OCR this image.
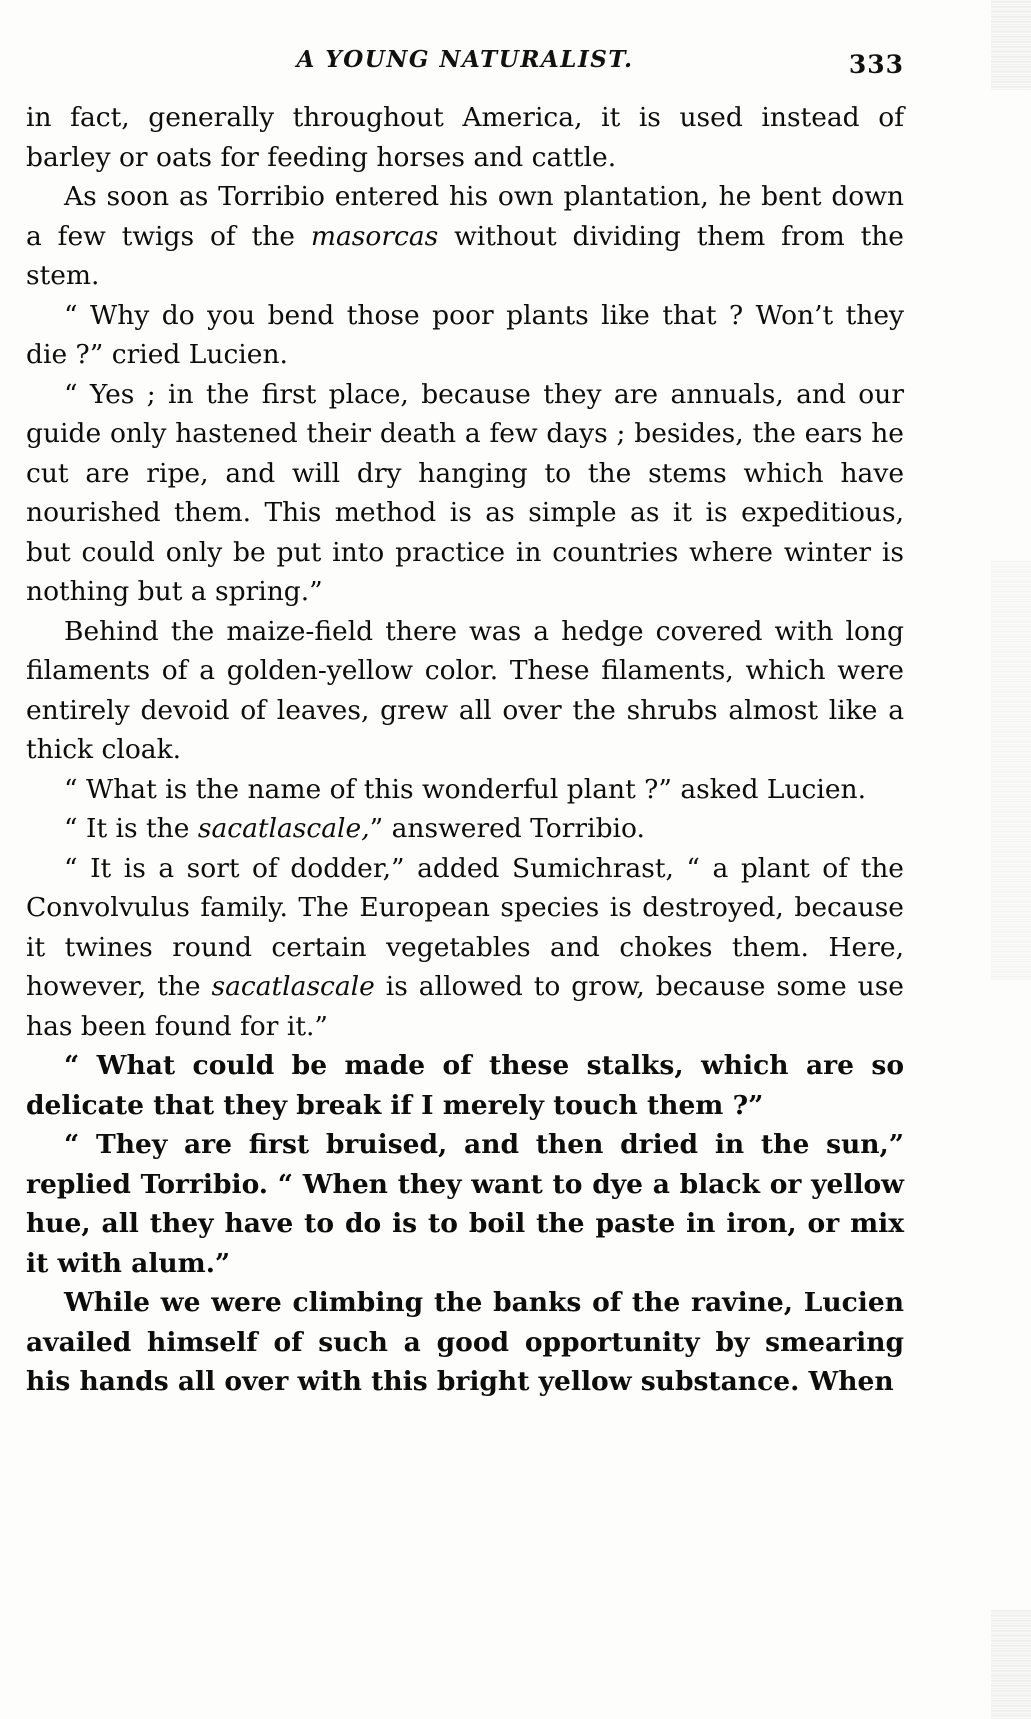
A YOUNG NATURALIST.	333

in fact, generally throughout America, it is used instead of barley or oats for feeding horses and cattle.

As soon as Torribio entered his own plantation, he bent down a few twigs of the masorcas without dividing them from the stem.

“ Why do you bend those poor plants like that ? Won’t they die ?” cried Lucien.

“ Yes ; in the first place, because they are annuals, and our guide only hastened their death a few days ; besides, the ears he cut are ripe, and will dry hanging to the stems which have nourished them. This method is as simple as it is expeditious, but could only be put into practice in countries where winter is nothing but a spring.”

Behind the maize-field there was a hedge covered with long filaments of a golden-yellow color. These filaments, which were entirely devoid of leaves, grew all over the shrubs almost like a thick cloak.

“ What is the name of this wonderful plant ?” asked Lucien.

“ It is the sacatlascale,” answered Torribio.

“ It is a sort of dodder,” added Sumichrast, “ a plant of the Convolvulus family. The European species is destroyed, because it twines round certain vegetables and chokes them. Here, however, the sacatlascale is allowed to grow, because some use has been found for it.”

“ What could be made of these stalks, which are so delicate that they break if I merely touch them ?”

“ They are first bruised, and then dried in the sun,” replied Torribio. “ When they want to dye a black or yellow hue, all they have to do is to boil the paste in iron, or mix it with alum.”

While we were climbing the banks of the ravine, Lucien availed himself of such a good opportunity by smearing his hands all over with this bright yellow substance. When
